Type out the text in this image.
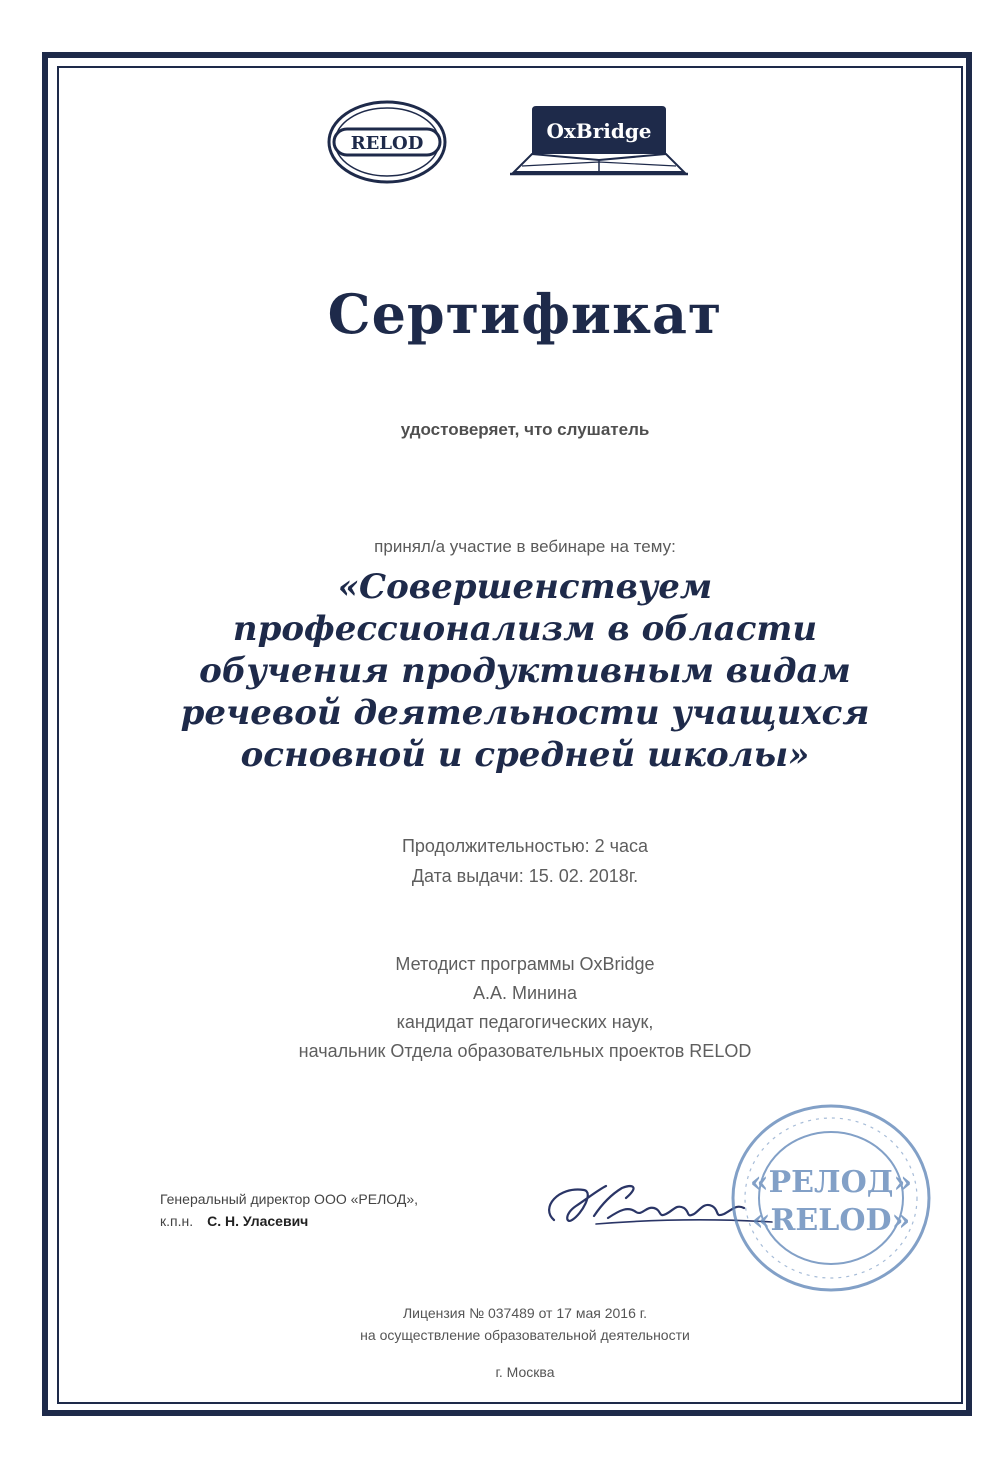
RELOD
OxBridge
Сертификат
удостоверяет, что слушатель
принял/а участие в вебинаре на тему:
«Совершенствуем
профессионализм в области
обучения продуктивным видам
речевой деятельности учащихся
основной и средней школы»
Продолжительностью: 2 часа
Дата выдачи: 15. 02. 2018г.
Методист программы OxBridge
А.А. Минина
кандидат педагогических наук,
начальник Отдела образовательных проектов RELOD
Генеральный директор ООО «РЕЛОД»,
к.п.н. С. Н. Уласевич
«РЕЛОД»
«RELOD»
Лицензия № 037489 от 17 мая 2016 г.
на осуществление образовательной деятельности
г. Москва
